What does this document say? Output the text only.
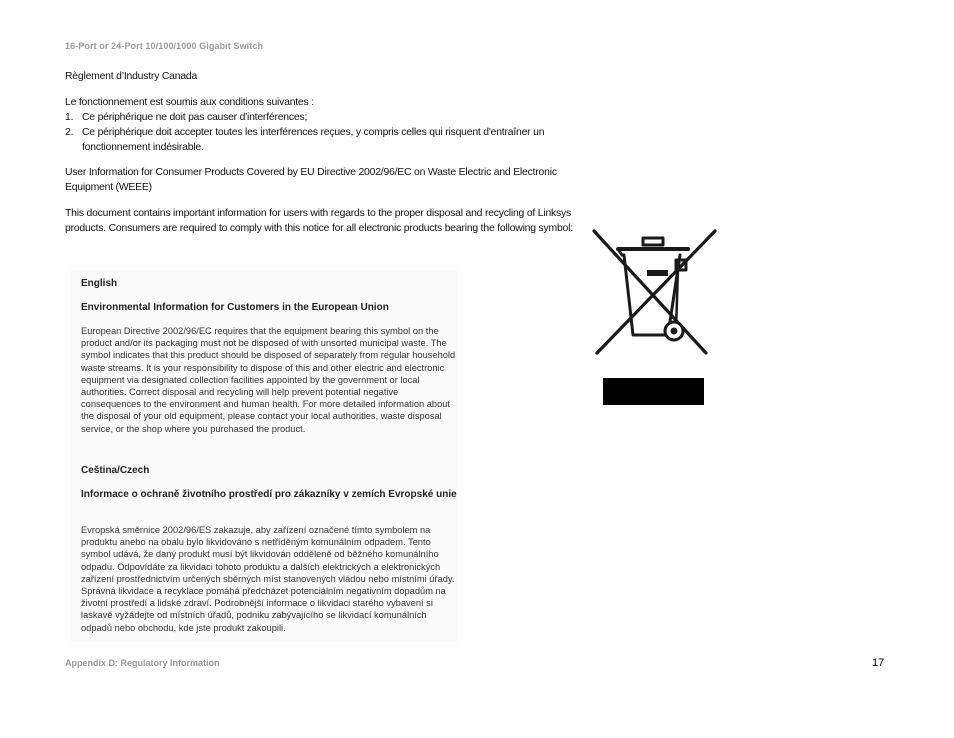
16-Port or 24-Port 10/100/1000 Gigabit Switch

Règlement d’Industry Canada

Le fonctionnement est soumis aux conditions suivantes :

1. Ce périphérique ne doit pas causer d'interférences;
2. Ce périphérique doit accepter toutes les interférences reçues, y compris celles qui risquent d'entraîner un fonctionnement indésirable.

User Information for Consumer Products Covered by EU Directive 2002/96/EC on Waste Electric and Electronic Equipment (WEEE)

This document contains important information for users with regards to the proper disposal and recycling of Linksys products. Consumers are required to comply with this notice for all electronic products bearing the following symbol:

English

Environmental Information for Customers in the European Union

European Directive 2002/96/EC requires that the equipment bearing this symbol on the product and/or its packaging must not be disposed of with unsorted municipal waste. The symbol indicates that this product should be disposed of separately from regular household waste streams. It is your responsibility to dispose of this and other electric and electronic equipment via designated collection facilities appointed by the government or local authorities. Correct disposal and recycling will help prevent potential negative consequences to the environment and human health. For more detailed information about the disposal of your old equipment, please contact your local authorities, waste disposal service, or the shop where you purchased the product.

Ceština/Czech

Informace o ochraně životního prostředí pro zákazníky v zemích Evropské unie

Evropská směrnice 2002/96/ES zakazuje, aby zařízení označené tímto symbolem na produktu anebo na obalu bylo likvidováno s netříděným komunálním odpadem. Tento symbol udává, že daný produkt musí být likvidován odděleně od běžného komunálního odpadu. Odpovídáte za likvidaci tohoto produktu a dalších elektrických a elektronických zařízení prostřednictvím určených sběrných míst stanovených vládou nebo místními úřady. Správná likvidace a recyklace pomáhá předcházet potenciálním negativním dopadům na životní prostředí a lidské zdraví. Podrobnější informace o likvidaci starého vybavení si laskavě vyžádejte od místních úřadů, podniku zabývajícího se likvidací komunálních odpadů nebo obchodu, kde jste produkt zakoupili.

Appendix D: Regulatory Information	17
